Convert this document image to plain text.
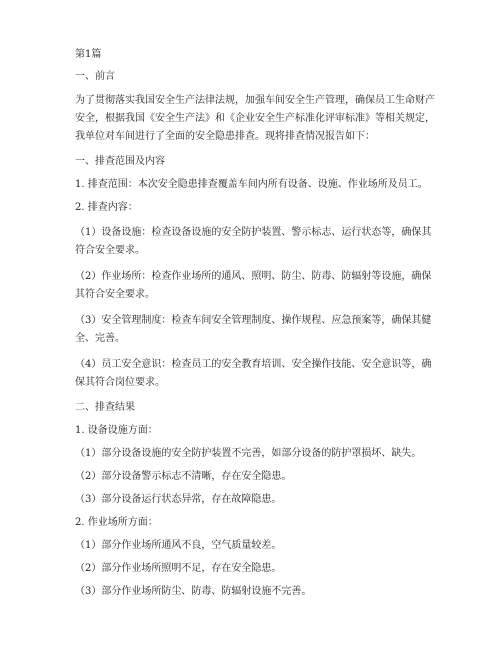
第1篇

一、前言

为了贯彻落实我国安全生产法律法规，加强车间安全生产管理，确保员工生命财产安全，根据我国《安全生产法》和《企业安全生产标准化评审标准》等相关规定，我单位对车间进行了全面的安全隐患排查。现将排查情况报告如下：

一、排查范围及内容

1. 排查范围：本次安全隐患排查覆盖车间内所有设备、设施、作业场所及员工。

2. 排查内容：

（1）设备设施：检查设备设施的安全防护装置、警示标志、运行状态等，确保其符合安全要求。

（2）作业场所：检查作业场所的通风、照明、防尘、防毒、防辐射等设施，确保其符合安全要求。

（3）安全管理制度：检查车间安全管理制度、操作规程、应急预案等，确保其健全、完善。

（4）员工安全意识：检查员工的安全教育培训、安全操作技能、安全意识等，确保其符合岗位要求。

二、排查结果

1. 设备设施方面：

（1）部分设备设施的安全防护装置不完善，如部分设备的防护罩损坏、缺失。

（2）部分设备警示标志不清晰，存在安全隐患。

（3）部分设备运行状态异常，存在故障隐患。

2. 作业场所方面：

（1）部分作业场所通风不良，空气质量较差。

（2）部分作业场所照明不足，存在安全隐患。

（3）部分作业场所防尘、防毒、防辐射设施不完善。
